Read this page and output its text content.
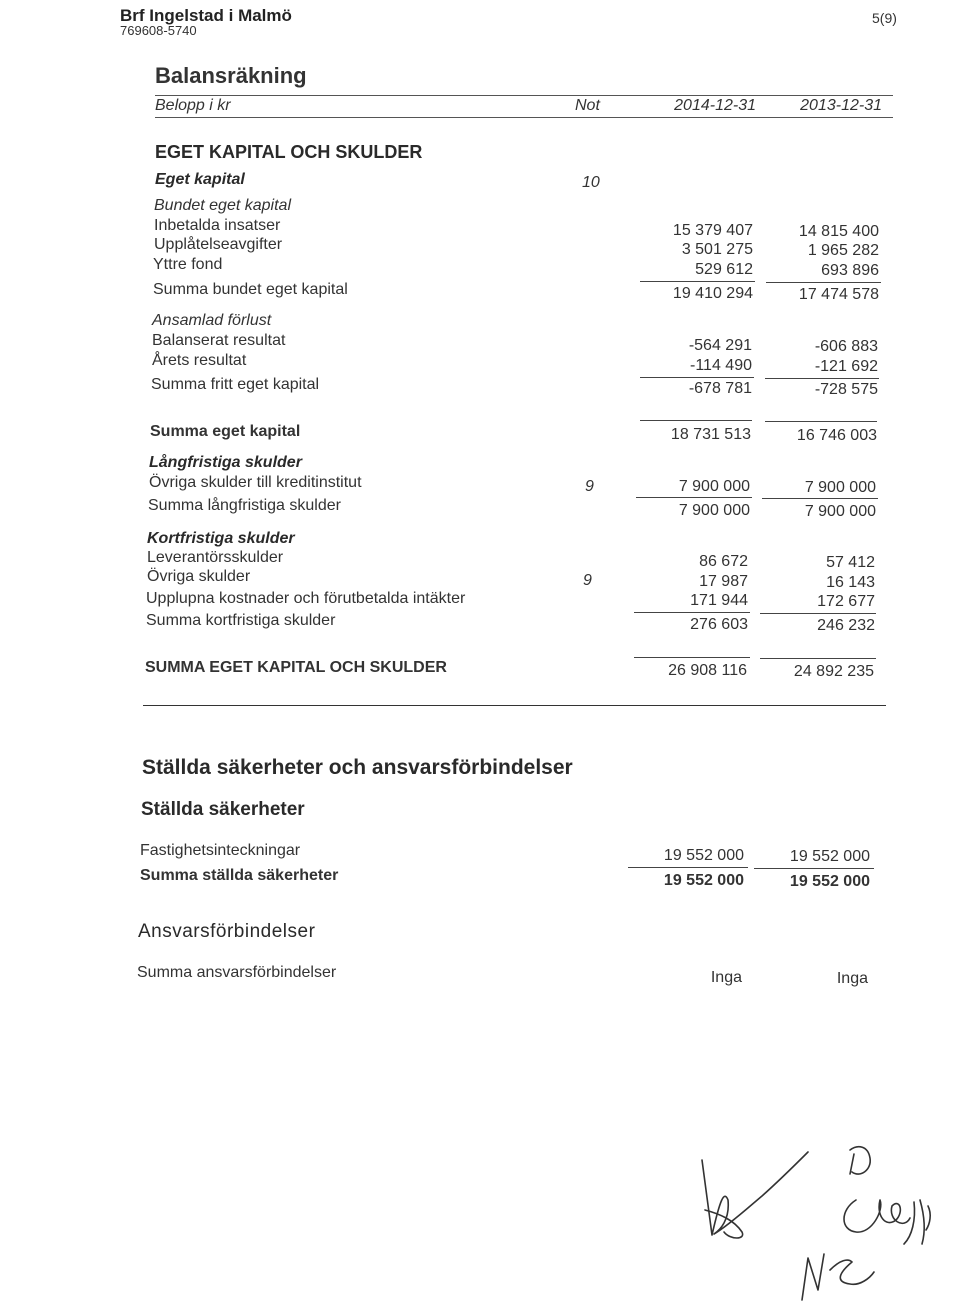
Brf Ingelstad i Malmö
769608-5740
5(9)
Balansräkning
Belopp i kr	Not	2014-12-31	2013-12-31
EGET KAPITAL OCH SKULDER
Eget kapital	10
Bundet eget kapital
Inbetalda insatser	15 379 407	14 815 400
Upplåtelseavgifter	3 501 275	1 965 282
Yttre fond	529 612	693 896
Summa bundet eget kapital	19 410 294	17 474 578
Ansamlad förlust
Balanserat resultat	-564 291	-606 883
Årets resultat	-114 490	-121 692
Summa fritt eget kapital	-678 781	-728 575
Summa eget kapital	18 731 513	16 746 003
Långfristiga skulder
Övriga skulder till kreditinstitut	9	7 900 000	7 900 000
Summa långfristiga skulder	7 900 000	7 900 000
Kortfristiga skulder
Leverantörsskulder	86 672	57 412
Övriga skulder	9	17 987	16 143
Upplupna kostnader och förutbetalda intäkter	171 944	172 677
Summa kortfristiga skulder	276 603	246 232
SUMMA EGET KAPITAL OCH SKULDER	26 908 116	24 892 235
Ställda säkerheter och ansvarsförbindelser
Ställda säkerheter
Fastighetsinteckningar	19 552 000	19 552 000
Summa ställda säkerheter	19 552 000	19 552 000
Ansvarsförbindelser
Summa ansvarsförbindelser	Inga	Inga
